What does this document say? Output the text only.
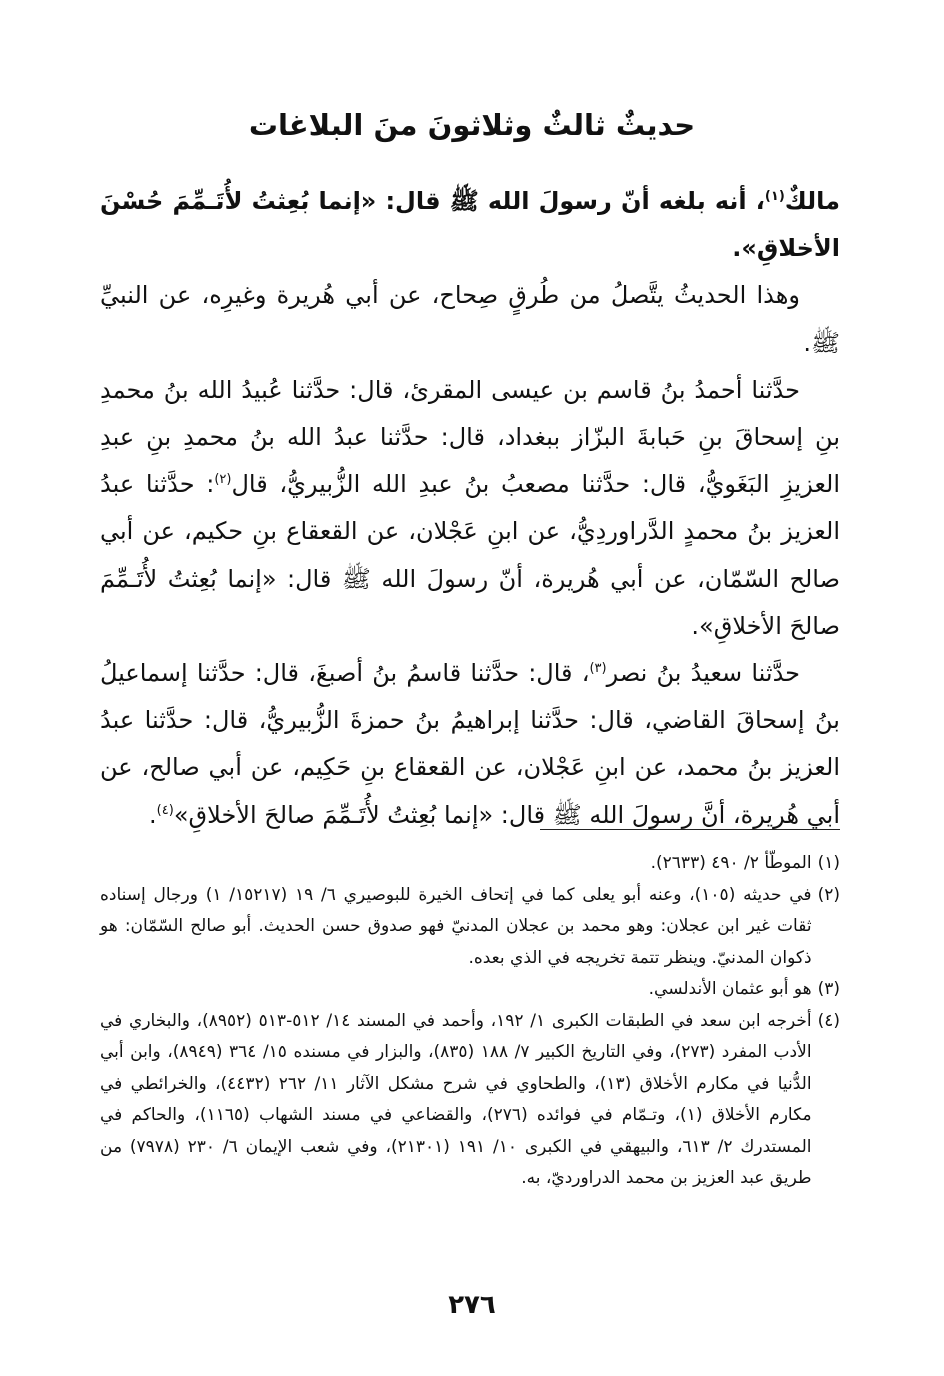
حديثٌ ثالثٌ وثلاثونَ منَ البلاغات

مالكٌ$^{(١)}$، أنه بلغه أنّ رسولَ الله ﷺ قال: «إنما بُعِثتُ لأُتَـمِّمَ حُسْنَ الأخلاقِ».

وهذا الحديثُ يتَّصلُ من طُرقٍ صِحاح، عن أبي هُريرة وغيرِه، عن النبيِّ ﷺ.

حدَّثنا أحمدُ بنُ قاسم بن عيسى المقرئ، قال: حدَّثنا عُبيدُ الله بنُ محمدِ بنِ إسحاقَ بنِ حَبابةَ البزّاز ببغداد، قال: حدَّثنا عبدُ الله بنُ محمدِ بنِ عبدِ العزيزِ البَغَويُّ، قال: حدَّثنا مصعبُ بنُ عبدِ الله الزُّبيريُّ، قال$^{(٢)}$: حدَّثنا عبدُ العزيز بنُ محمدٍ الدَّراوردِيُّ، عن ابنِ عَجْلان، عن القعقاع بنِ حكيم، عن أبي صالح السّمّان، عن أبي هُريرة، أنّ رسولَ الله ﷺ قال: «إنما بُعِثتُ لأُتَـمِّمَ صالحَ الأخلاقِ».

حدَّثنا سعيدُ بنُ نصر$^{(٣)}$، قال: حدَّثنا قاسمُ بنُ أصبغَ، قال: حدَّثنا إسماعيلُ بنُ إسحاقَ القاضي، قال: حدَّثنا إبراهيمُ بنُ حمزةَ الزُّبيريُّ، قال: حدَّثنا عبدُ العزيز بنُ محمد، عن ابنِ عَجْلان، عن القعقاع بنِ حَكِيم، عن أبي صالح، عن أبي هُريرة، أنَّ رسولَ الله ﷺ قال: «إنما بُعِثتُ لأُتَـمِّمَ صالحَ الأخلاقِ»$^{(٤)}$.

(١)
الموطّأ ٢/ ٤٩٠ (٢٦٣٣).
(٢)
في حديثه (١٠٥)، وعنه أبو يعلى كما في إتحاف الخيرة للبوصيري ٦/ ١٩ (١٥٢١٧/ ١) ورجال إسناده ثقات غير ابن عجلان: وهو محمد بن عجلان المدنيّ فهو صدوق حسن الحديث. أبو صالح السّمّان: هو ذكوان المدنيّ. وينظر تتمة تخريجه في الذي بعده.
(٣)
هو أبو عثمان الأندلسي.
(٤)
أخرجه ابن سعد في الطبقات الكبرى ١/ ١٩٢، وأحمد في المسند ١٤/ ٥١٢-٥١٣ (٨٩٥٢)، والبخاري في الأدب المفرد (٢٧٣)، وفي التاريخ الكبير ٧/ ١٨٨ (٨٣٥)، والبزار في مسنده ١٥/ ٣٦٤ (٨٩٤٩)، وابن أبي الدُّنيا في مكارم الأخلاق (١٣)، والطحاوي في شرح مشكل الآثار ١١/ ٢٦٢ (٤٤٣٢)، والخرائطي في مكارم الأخلاق (١)، وتـمّام في فوائده (٢٧٦)، والقضاعي في مسند الشهاب (١١٦٥)، والحاكم في المستدرك ٢/ ٦١٣، والبيهقي في الكبرى ١٠/ ١٩١ (٢١٣٠١)، وفي شعب الإيمان ٦/ ٢٣٠ (٧٩٧٨) من طريق عبد العزيز بن محمد الدراورديّ، به.
٢٧٦
